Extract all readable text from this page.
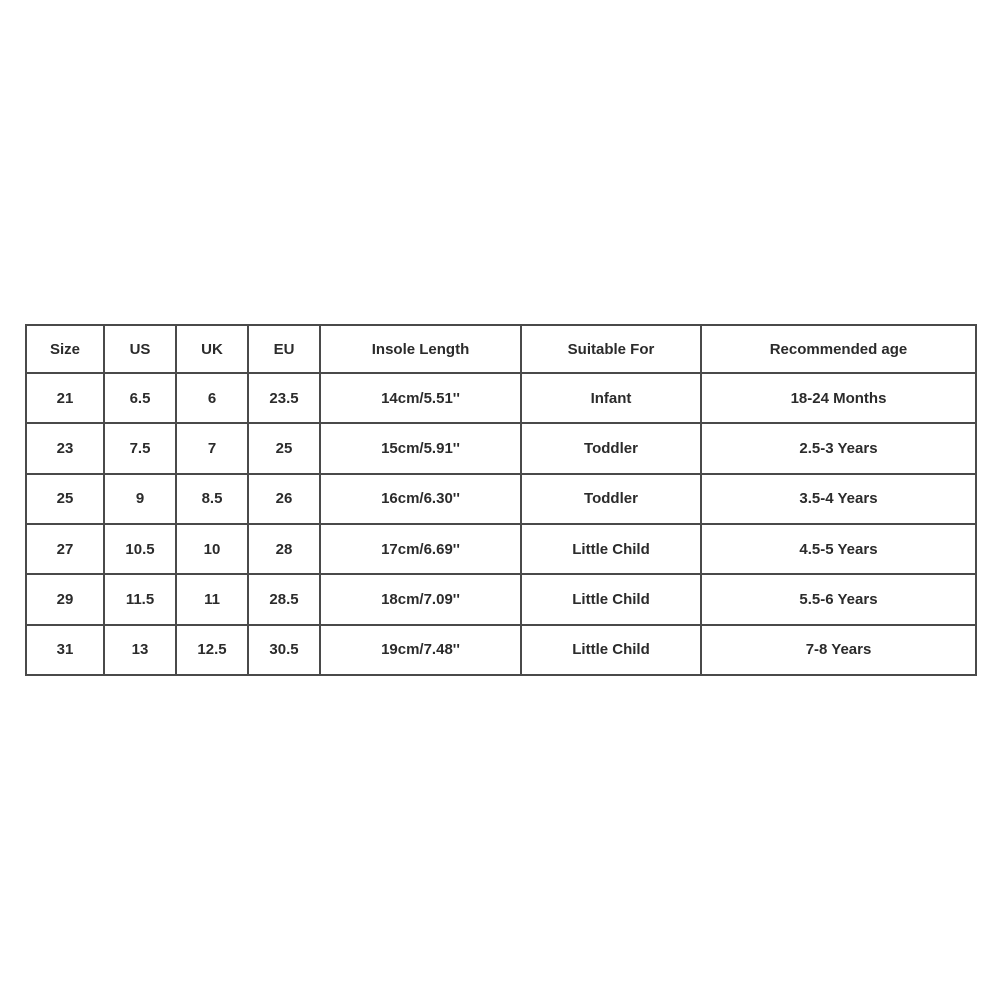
Size	US	UK	EU	Insole Length	Suitable For	Recommended age
21	6.5	6	23.5	14cm/5.51''	Infant	18-24 Months
23	7.5	7	25	15cm/5.91''	Toddler	2.5-3 Years
25	9	8.5	26	16cm/6.30''	Toddler	3.5-4 Years
27	10.5	10	28	17cm/6.69''	Little Child	4.5-5 Years
29	11.5	11	28.5	18cm/7.09''	Little Child	5.5-6 Years
31	13	12.5	30.5	19cm/7.48''	Little Child	7-8 Years
